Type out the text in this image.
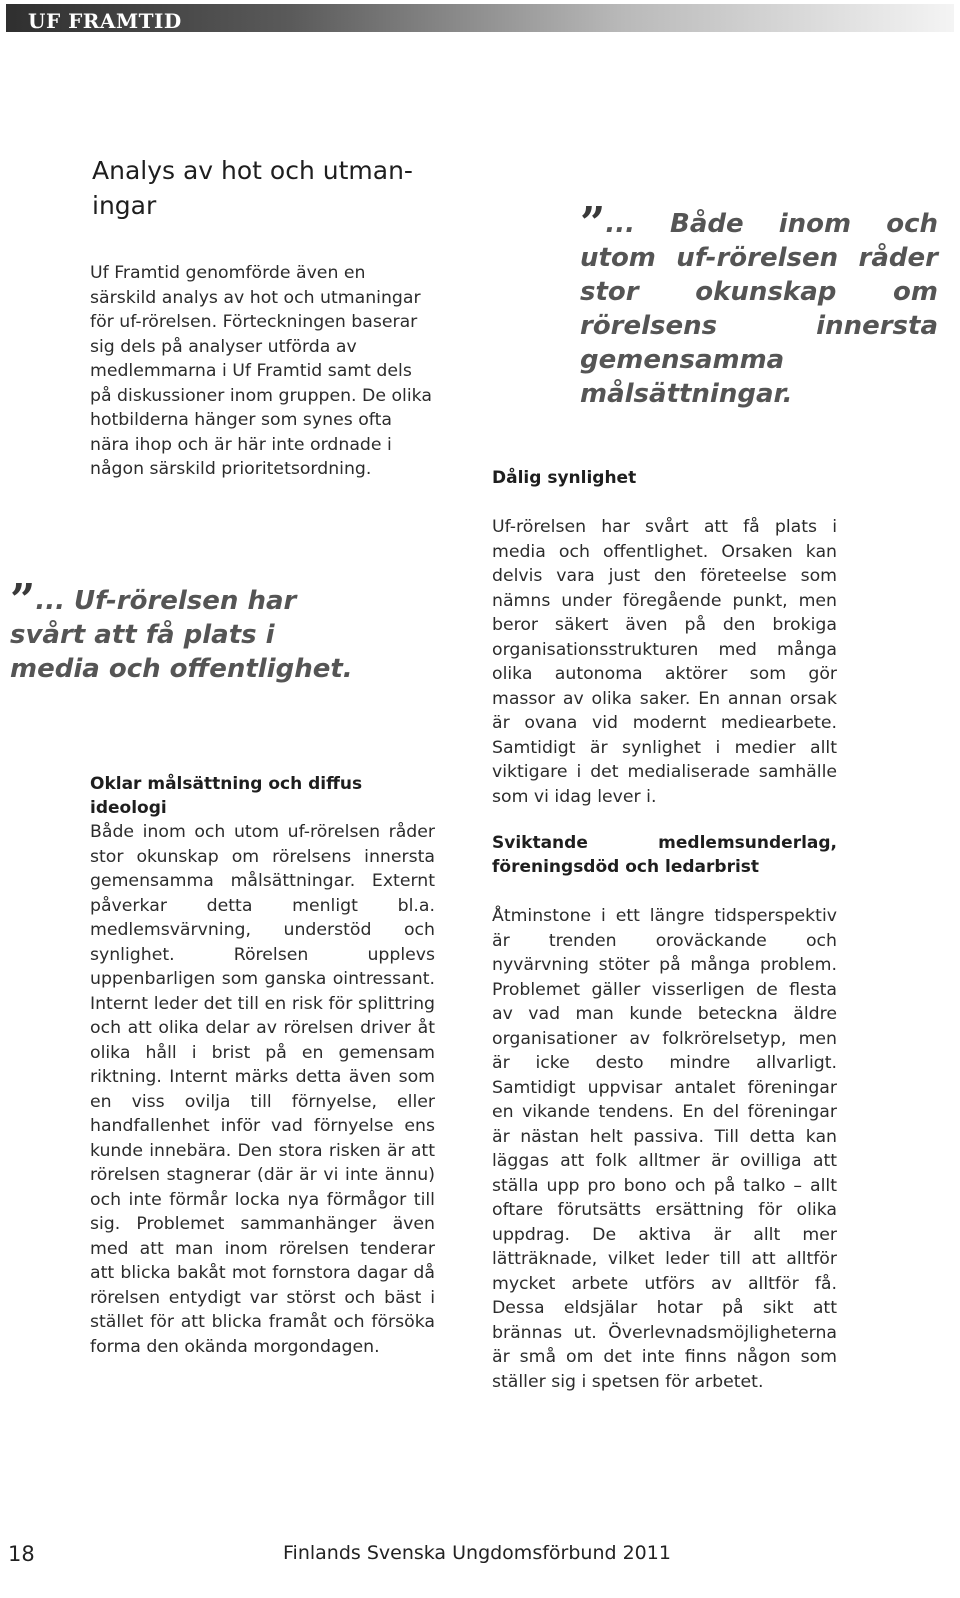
UF FRAMTID
Analys av hot och utman-
ingar

Uf Framtid genomförde även en särskild analys av hot och utmaningar för uf-rörelsen. Förteckningen baserar sig dels på analyser utförda av medlemmarna i Uf Framtid samt dels på diskussioner inom gruppen. De olika hotbilderna hänger som synes ofta nära ihop och är här inte ordnade i någon särskild prioritetsordning.

” ... Uf-rörelsen har svårt att få plats i media och offentlighet.
Oklar målsättning och diffus ideologi

Både inom och utom uf-rörelsen råder stor okunskap om rörelsens innersta gemensamma målsättningar. Externt påverkar detta menligt bl.a. medlemsvärvning, understöd och synlighet. Rörelsen upplevs uppenbarligen som ganska ointressant. Internt leder det till en risk för splittring och att olika delar av rörelsen driver åt olika håll i brist på en gemensam riktning. Internt märks detta även som en viss ovilja till förnyelse, eller handfallenhet inför vad förnyelse ens kunde innebära. Den stora risken är att rörelsen stagnerar (där är vi inte ännu) och inte förmår locka nya förmågor till sig. Problemet sammanhänger även med att man inom rörelsen tenderar att blicka bakåt mot fornstora dagar då rörelsen entydigt var störst och bäst i stället för att blicka framåt och försöka forma den okända morgondagen.

” ... Både inom och utom uf-rörelsen råder stor okunskap om rörelsens innersta gemensamma målsättningar.
Dålig synlighet

Uf-rörelsen har svårt att få plats i media och offentlighet. Orsaken kan delvis vara just den företeelse som nämns under föregående punkt, men beror säkert även på den brokiga organisationsstrukturen med många olika autonoma aktörer som gör massor av olika saker. En annan orsak är ovana vid modernt mediearbete. Samtidigt är synlighet i medier allt viktigare i det medialiserade samhälle som vi idag lever i.

Sviktande medlemsunderlag, föreningsdöd och ledarbrist

Åtminstone i ett längre tidsperspektiv är trenden oroväckande och nyvärvning stöter på många problem. Problemet gäller visserligen de flesta av vad man kunde beteckna äldre organisationer av folkrörelsetyp, men är icke desto mindre allvarligt. Samtidigt uppvisar antalet föreningar en vikande tendens. En del föreningar är nästan helt passiva. Till detta kan läggas att folk alltmer är ovilliga att ställa upp pro bono och på talko – allt oftare förutsätts ersättning för olika uppdrag. De aktiva är allt mer lätträknade, vilket leder till att alltför mycket arbete utförs av alltför få. Dessa eldsjälar hotar på sikt att brännas ut. Överlevnadsmöjligheterna är små om det inte finns någon som ställer sig i spetsen för arbetet.

18	Finlands Svenska Ungdomsförbund 2011
